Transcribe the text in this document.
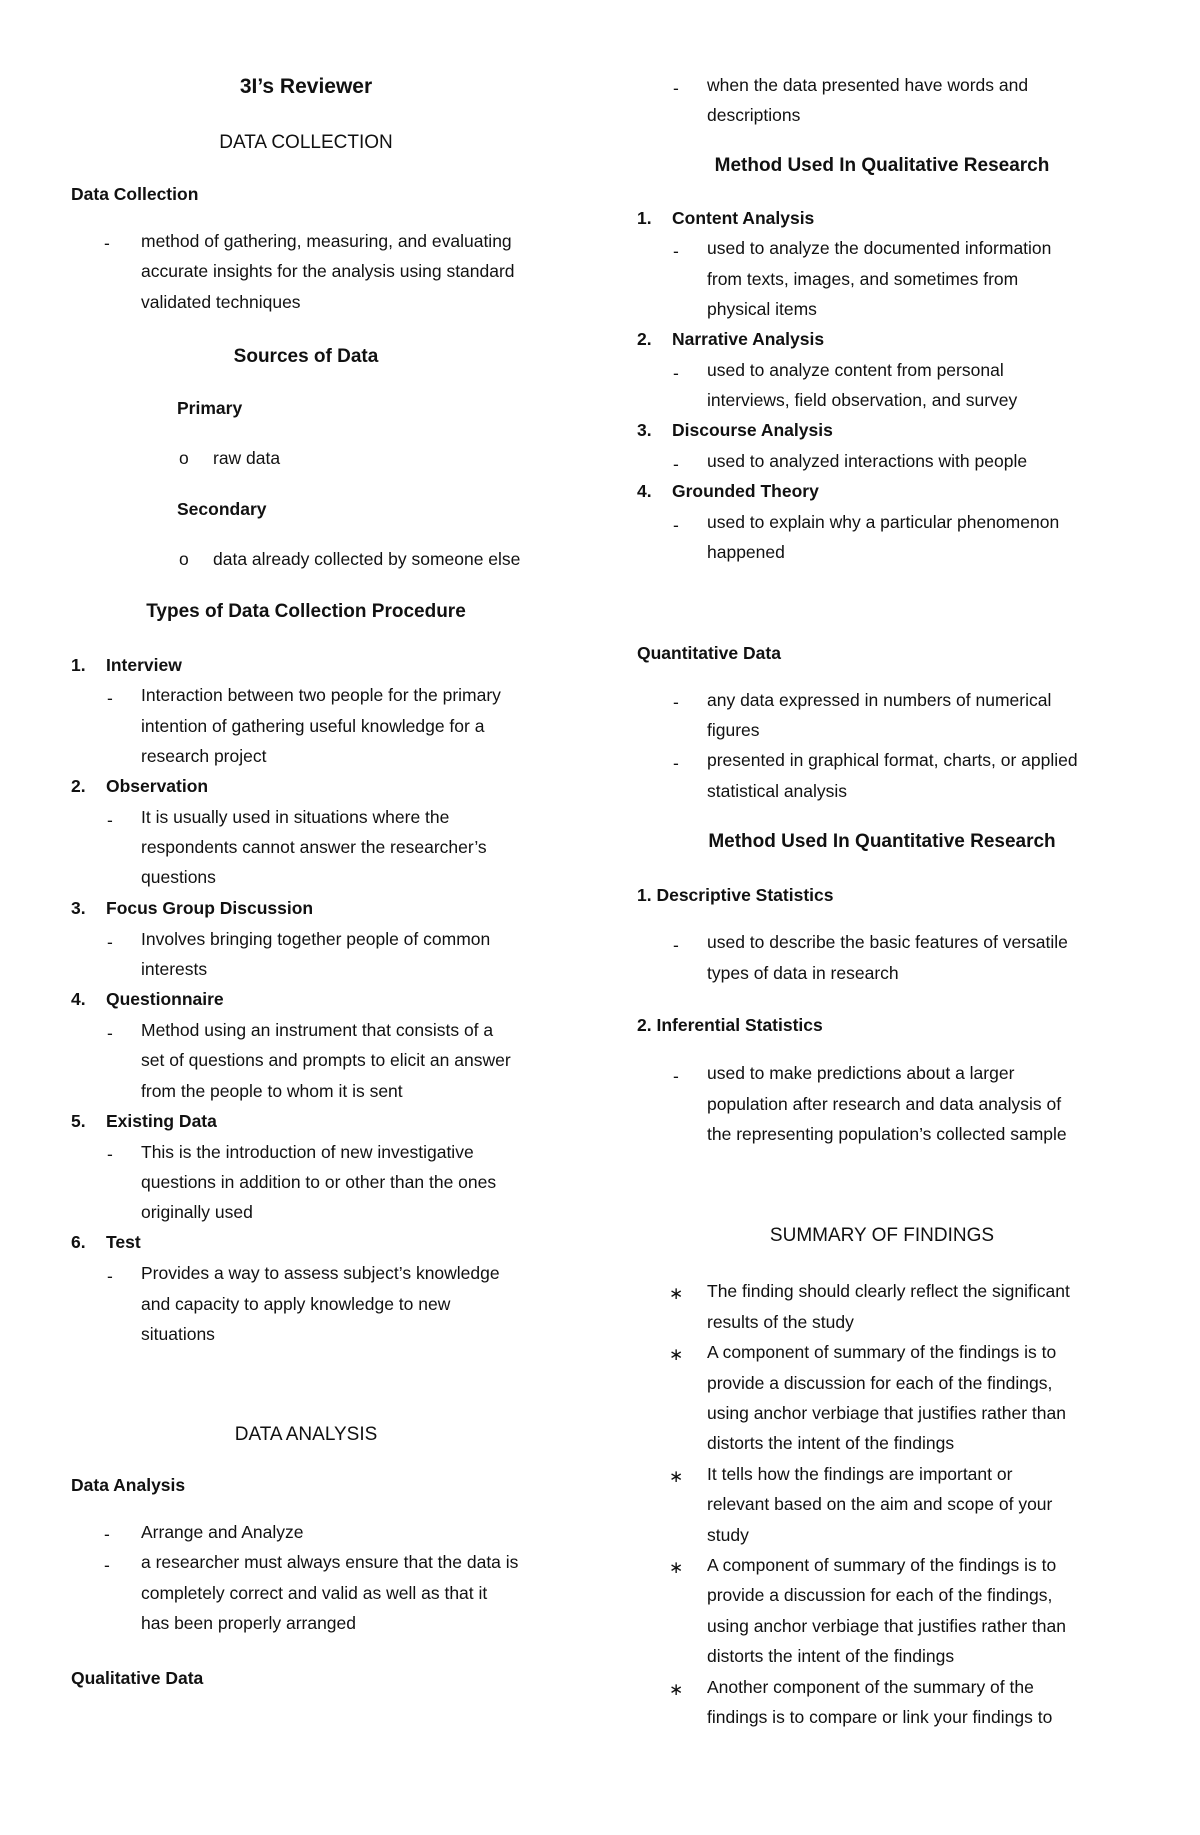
3I’s Reviewer
DATA COLLECTION
Data Collection
- method of gathering, measuring, and evaluating
accurate insights for the analysis using standard
validated techniques
Sources of Data
Primary
o raw data
Secondary
o data already collected by someone else
Types of Data Collection Procedure
1. Interview
- Interaction between two people for the primary
intention of gathering useful knowledge for a
research project
2. Observation
- It is usually used in situations where the
respondents cannot answer the researcher’s
questions
3. Focus Group Discussion
- Involves bringing together people of common
interests
4. Questionnaire
- Method using an instrument that consists of a
set of questions and prompts to elicit an answer
from the people to whom it is sent
5. Existing Data
- This is the introduction of new investigative
questions in addition to or other than the ones
originally used
6. Test
- Provides a way to assess subject’s knowledge
and capacity to apply knowledge to new
situations
DATA ANALYSIS
Data Analysis
- Arrange and Analyze
- a researcher must always ensure that the data is
completely correct and valid as well as that it
has been properly arranged
Qualitative Data
- when the data presented have words and
descriptions
Method Used In Qualitative Research
1. Content Analysis
- used to analyze the documented information
from texts, images, and sometimes from
physical items
2. Narrative Analysis
- used to analyze content from personal
interviews, field observation, and survey
3. Discourse Analysis
- used to analyzed interactions with people
4. Grounded Theory
- used to explain why a particular phenomenon
happened
Quantitative Data
- any data expressed in numbers of numerical
figures
- presented in graphical format, charts, or applied
statistical analysis
Method Used In Quantitative Research
1. Descriptive Statistics
- used to describe the basic features of versatile
types of data in research
2. Inferential Statistics
- used to make predictions about a larger
population after research and data analysis of
the representing population’s collected sample
SUMMARY OF FINDINGS
∗ The finding should clearly reflect the significant
results of the study
∗ A component of summary of the findings is to
provide a discussion for each of the findings,
using anchor verbiage that justifies rather than
distorts the intent of the findings
∗ It tells how the findings are important or
relevant based on the aim and scope of your
study
∗ A component of summary of the findings is to
provide a discussion for each of the findings,
using anchor verbiage that justifies rather than
distorts the intent of the findings
∗ Another component of the summary of the
findings is to compare or link your findings to
